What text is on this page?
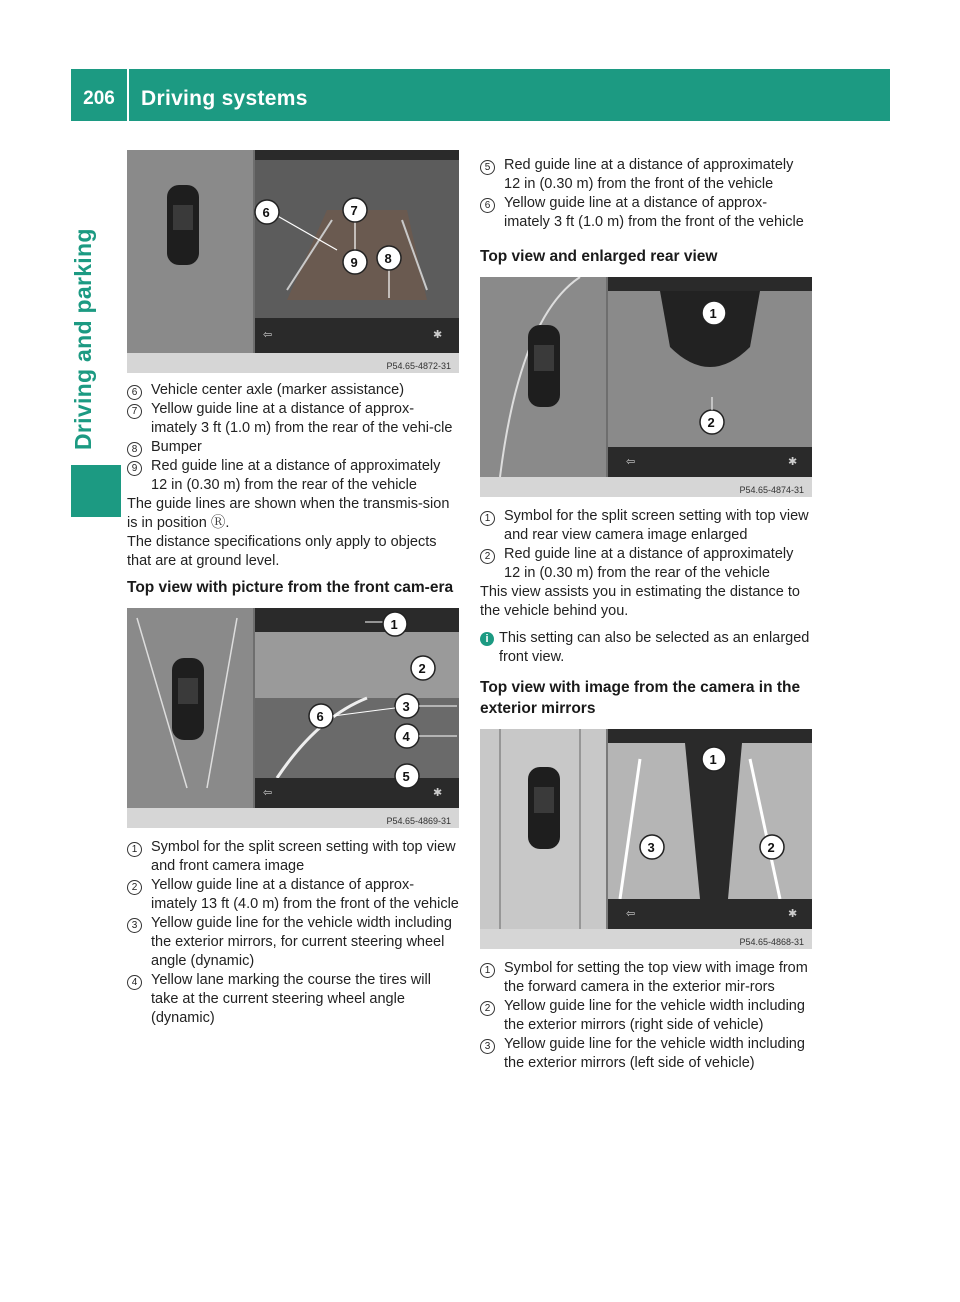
206	Driving systems
Driving and parking	⇦	✱
6	7
9 8
P54.65-4872-31
6 Vehicle center axle (marker assistance)
7 Yellow guide line at a distance of approx-imately 3 ft (1.0 m) from the rear of the vehi-cle
8 Bumper
9 Red guide line at a distance of approximately 12 in (0.30 m) from the rear of the vehicle

The guide lines are shown when the transmis-sion is in position Ⓡ.

The distance specifications only apply to objects that are at ground level.

Top view with picture from the front cam-era
⇦	✱
1
2
3
6
4
5
P54.65-4869-31
1 Symbol for the split screen setting with top view and front camera image
2 Yellow guide line at a distance of approx-imately 13 ft (4.0 m) from the front of the vehicle
3 Yellow guide line for the vehicle width including the exterior mirrors, for current steering wheel angle (dynamic)
4 Yellow lane marking the course the tires will take at the current steering wheel angle (dynamic)
5 Red guide line at a distance of approximately 12 in (0.30 m) from the front of the vehicle
6 Yellow guide line at a distance of approx-imately 3 ft (1.0 m) from the front of the vehicle
Top view and enlarged rear view
⇦	✱
1
2
P54.65-4874-31
1 Symbol for the split screen setting with top view and rear view camera image enlarged
2 Red guide line at a distance of approximately 12 in (0.30 m) from the rear of the vehicle

This view assists you in estimating the distance to the vehicle behind you.

i This setting can also be selected as an enlarged front view.
Top view with image from the camera in the exterior mirrors
⇦	✱
1
3	2
P54.65-4868-31
1 Symbol for setting the top view with image from the forward camera in the exterior mir-rors
2 Yellow guide line for the vehicle width including the exterior mirrors (right side of vehicle)
3 Yellow guide line for the vehicle width including the exterior mirrors (left side of vehicle)
